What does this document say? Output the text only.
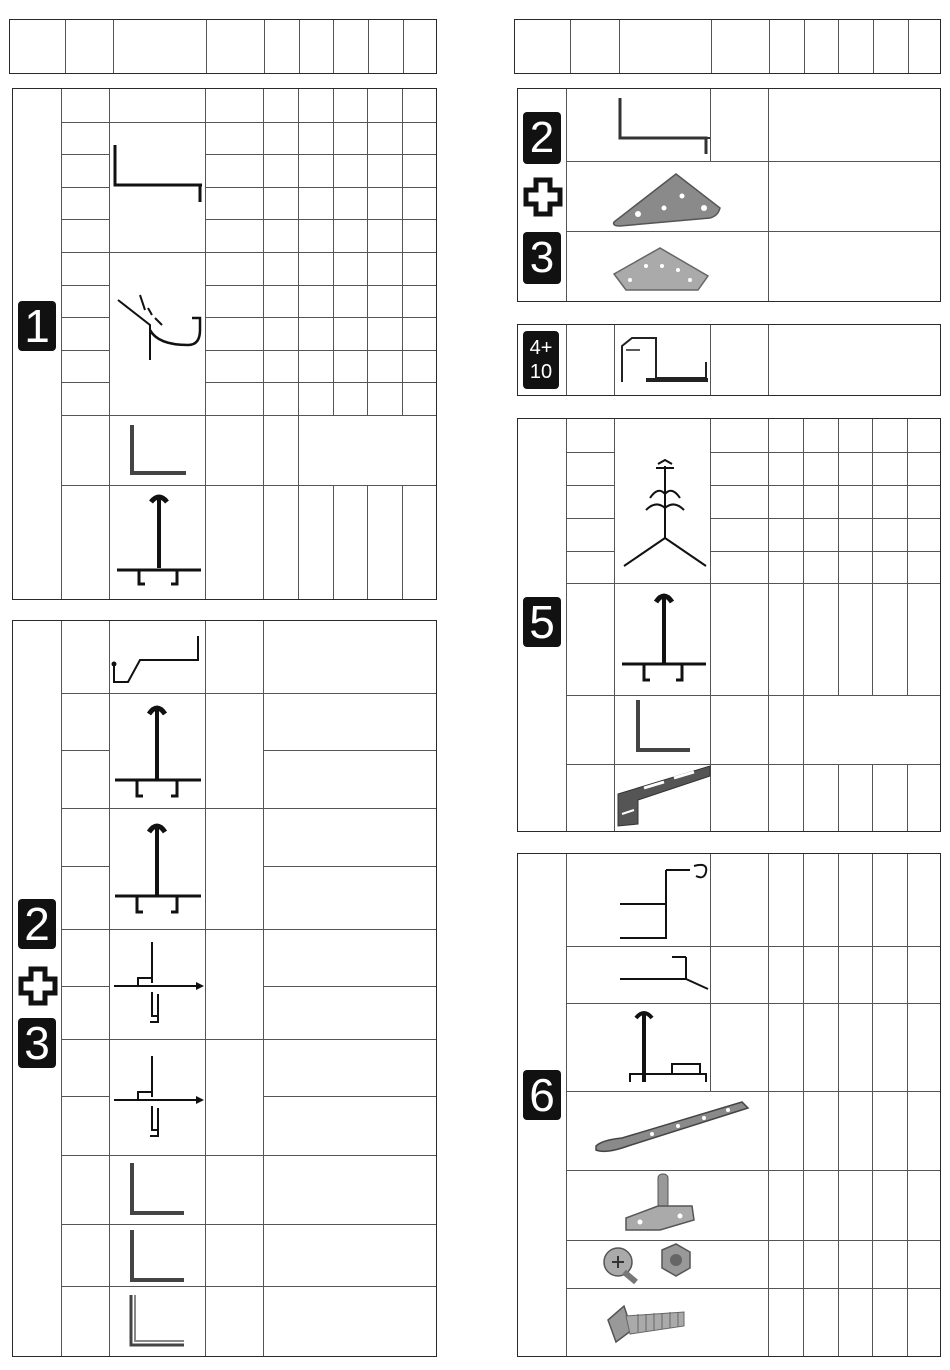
1
2
3
2
3
4+
10
5
6
